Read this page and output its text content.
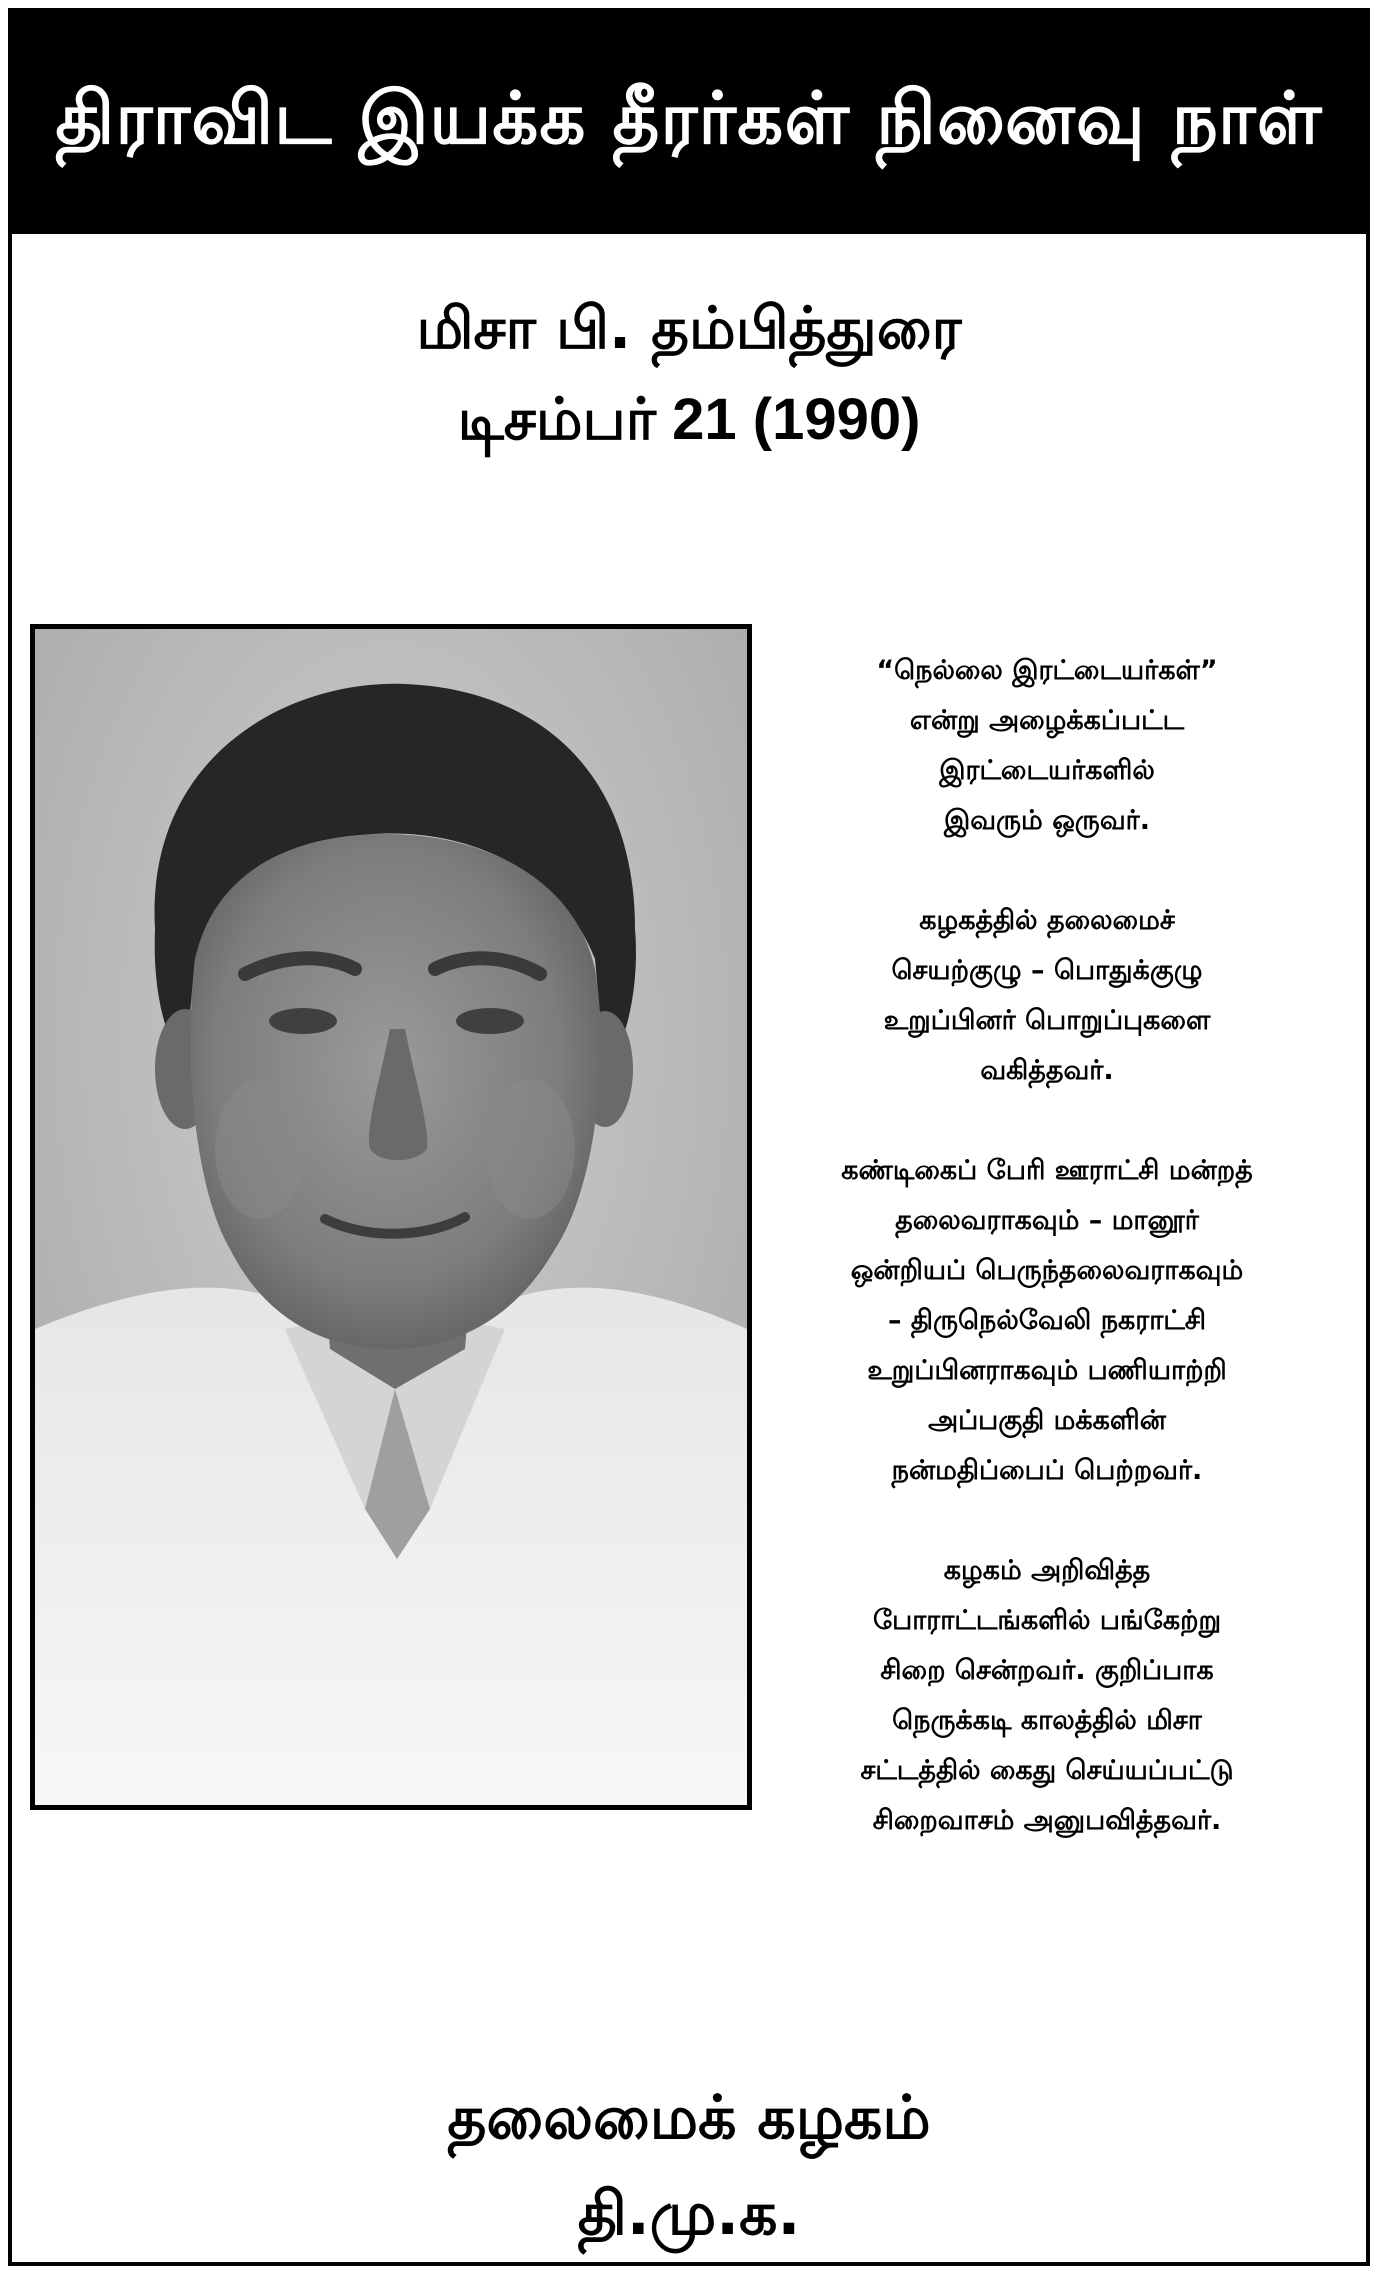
திராவிட இயக்க தீரர்கள் நினைவு நாள்
மிசா பி. தம்பித்துரை
டிசம்பர் 21 (1990)

“நெல்லை இரட்டையர்கள்”
என்று அழைக்கப்பட்ட
இரட்டையர்களில்
இவரும் ஒருவர்.

கழகத்தில் தலைமைச்
செயற்குழு – பொதுக்குழு
உறுப்பினர் பொறுப்புகளை
வகித்தவர்.

கண்டிகைப் பேரி ஊராட்சி மன்றத்
தலைவராகவும் – மானூர்
ஒன்றியப் பெருந்தலைவராகவும்
– திருநெல்வேலி நகராட்சி
உறுப்பினராகவும் பணியாற்றி
அப்பகுதி மக்களின்
நன்மதிப்பைப் பெற்றவர்.

கழகம் அறிவித்த
போராட்டங்களில் பங்கேற்று
சிறை சென்றவர். குறிப்பாக
நெருக்கடி காலத்தில் மிசா
சட்டத்தில் கைது செய்யப்பட்டு
சிறைவாசம் அனுபவித்தவர்.

தலைமைக் கழகம்
தி.மு.க.
